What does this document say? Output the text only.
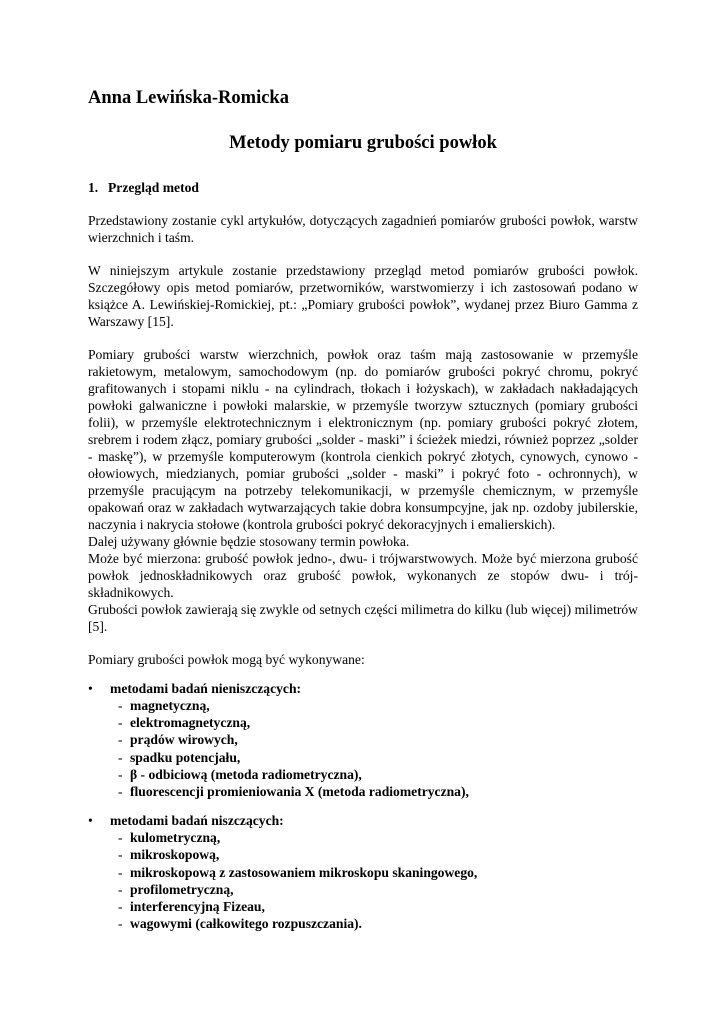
Anna Lewińska-Romicka
Metody pomiaru grubości powłok
1. Przegląd metod

Przedstawiony zostanie cykl artykułów, dotyczących zagadnień pomiarów grubości powłok, warstw wierzchnich i taśm.

W niniejszym artykule zostanie przedstawiony przegląd metod pomiarów grubości powłok. Szczegółowy opis metod pomiarów, przetworników, warstwomierzy i ich zastosowań podano w książce A. Lewińskiej-Romickiej, pt.: „Pomiary grubości powłok”, wydanej przez Biuro Gamma z Warszawy [15].

Pomiary grubości warstw wierzchnich, powłok oraz taśm mają zastosowanie w przemyśle rakietowym, metalowym, samochodowym (np. do pomiarów grubości pokryć chromu, pokryć grafitowanych i stopami niklu - na cylindrach, tłokach i łożyskach), w zakładach nakładających powłoki galwaniczne i powłoki malarskie, w przemyśle tworzyw sztucznych (pomiary grubości folii), w przemyśle elektrotechnicznym i elektronicznym (np. pomiary grubości pokryć złotem, srebrem i rodem złącz, pomiary grubości „solder - maski” i ścieżek miedzi, również poprzez „solder - maskę”), w przemyśle komputerowym (kontrola cienkich pokryć złotych, cynowych, cynowo - ołowiowych, miedzianych, pomiar grubości „solder - maski” i pokryć foto - ochronnych), w przemyśle pracującym na potrzeby telekomunikacji, w przemyśle chemicznym, w przemyśle opakowań oraz w zakładach wytwarzających takie dobra konsumpcyjne, jak np. ozdoby jubilerskie, naczynia i nakrycia stołowe (kontrola grubości pokryć dekoracyjnych i emalierskich).

Dalej używany głównie będzie stosowany termin powłoka.

Może być mierzona: grubość powłok jedno-, dwu- i trójwarstwowych. Może być mierzona grubość powłok jednoskładnikowych oraz grubość powłok, wykonanych ze stopów dwu- i trój-składnikowych.

Grubości powłok zawierają się zwykle od setnych części milimetra do kilku (lub więcej) milimetrów [5].

Pomiary grubości powłok mogą być wykonywane:

• metodami badań nieniszczących:
- magnetyczną,
- elektromagnetyczną,
- prądów wirowych,
- spadku potencjału,
- β - odbiciową (metoda radiometryczna),
- fluorescencji promieniowania X (metoda radiometryczna),
• metodami badań niszczących:
- kulometryczną,
- mikroskopową,
- mikroskopową z zastosowaniem mikroskopu skaningowego,
- profilometryczną,
- interferencyjną Fizeau,
- wagowymi (całkowitego rozpuszczania).
